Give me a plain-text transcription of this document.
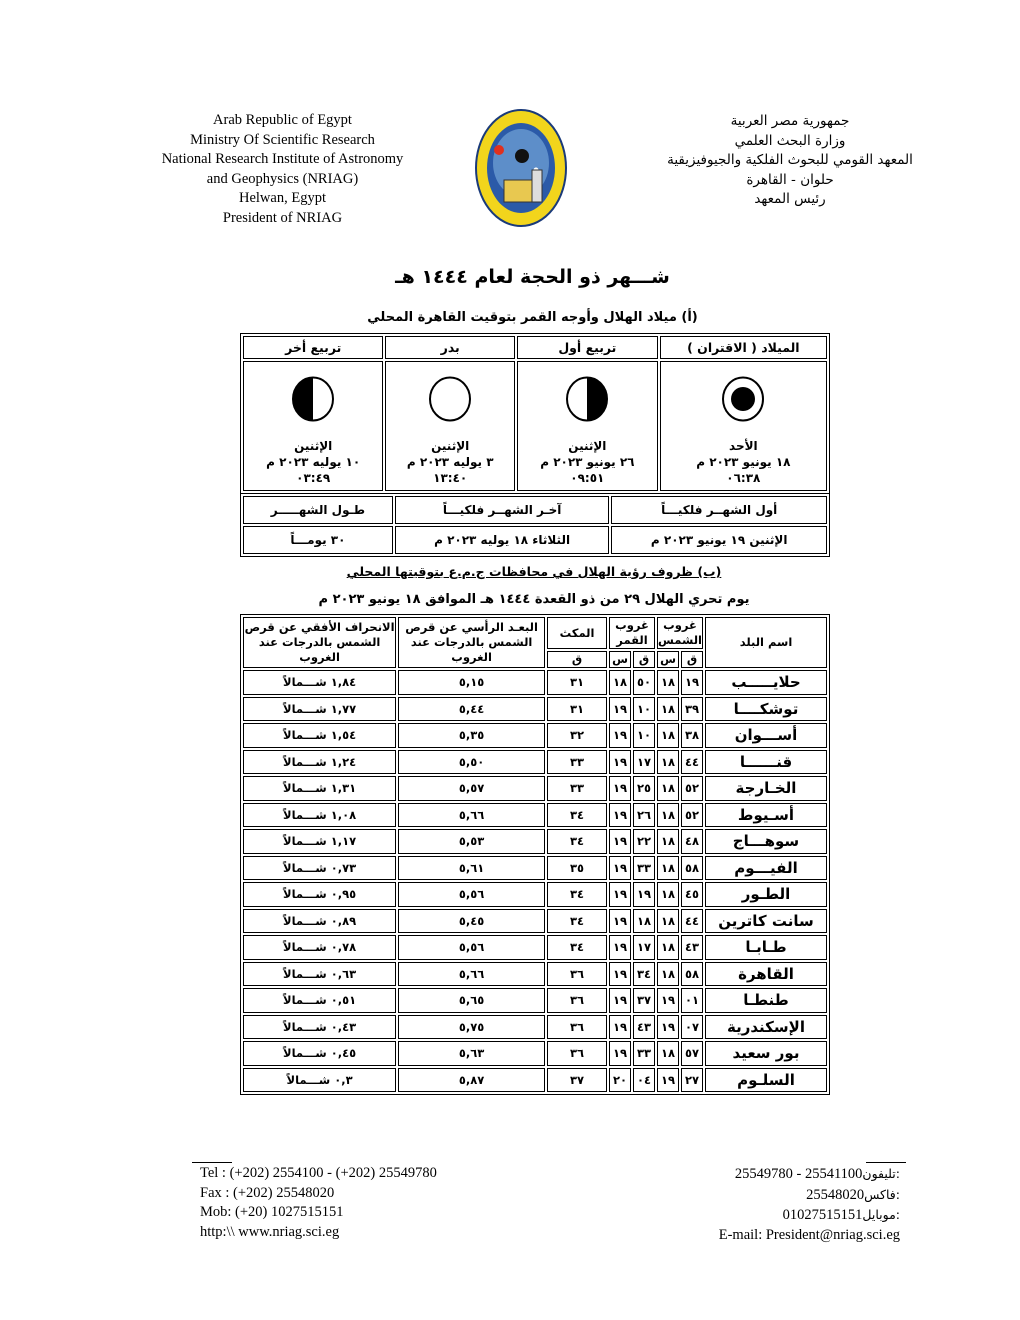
Arab Republic of Egypt
Ministry Of Scientific Research
National Research Institute of Astronomy
and Geophysics (NRIAG)
Helwan, Egypt
President of NRIAG
جمهورية مصر العربية
وزارة البحث العلمي
المعهد القومي للبحوث الفلكية والجيوفيزيقية
حلوان - القاهرة
رئيس المعهد
شـــهر ذو الحجة لعام ١٤٤٤ هـ
(أ) ميلاد الهلال وأوجه القمر بتوقيت القاهرة المحلي
الميلاد ( الاقتران )	تربيع أول	بدر	تربيع أخر

الأحد
١٨ يونيو ٢٠٢٣ م
٠٦:٣٨

الإثنين
٢٦ يونيو ٢٠٢٣ م
٠٩:٥١

الإثنين
٣ يوليه ٢٠٢٣ م
١٣:٤٠

الإثنين
١٠ يوليه ٢٠٢٣ م
٠٣:٤٩
أول الشهــر فلكيـــاً	آخـر الشهــر فلكيـــاً	طـول الشهـــــر
الإثنين ١٩ يونيو ٢٠٢٣ م	الثلاثاء ١٨ يوليه ٢٠٢٣ م	٣٠ يومـــاً
(ب) ظروف رؤية الهلال في محافظات ج.م.ع بتوقيتها المحلي
يوم تحري الهلال ٢٩ من ذو القعدة ١٤٤٤ هـ الموافق ١٨ يونيو ٢٠٢٣ م
اسم البلد	غروب الشمس		غروب القمر		المكث	البعـد الرأسي عن قرص الشمس بالدرجات عند الغروب	الانحراف الأفقي عن قرص الشمس بالدرجات عند الغروب
	ق	س	ق	س	ق		
حلايـــــب	١٩	١٨	٥٠	١٨	٣١	٥,١٥	١,٨٤ شـــمالاً
توشكــــا	٣٩	١٨	١٠	١٩	٣١	٥,٤٤	١,٧٧ شـــمالاً
أســـوان	٣٨	١٨	١٠	١٩	٣٢	٥,٣٥	١,٥٤ شـــمالاً
قنــــــا	٤٤	١٨	١٧	١٩	٣٣	٥,٥٠	١,٢٤ شـــمالاً
الخـارجة	٥٢	١٨	٢٥	١٩	٣٣	٥,٥٧	١,٣١ شـــمالاً
أسـيوط	٥٢	١٨	٢٦	١٩	٣٤	٥,٦٦	١,٠٨ شـــمالاً
سوهـــاج	٤٨	١٨	٢٢	١٩	٣٤	٥,٥٣	١,١٧ شـــمالاً
الفيـــوم	٥٨	١٨	٣٣	١٩	٣٥	٥,٦١	٠,٧٣ شـــمالاً
الطـور	٤٥	١٨	١٩	١٩	٣٤	٥,٥٦	٠,٩٥ شـــمالاً
سانت كاترين	٤٤	١٨	١٨	١٩	٣٤	٥,٤٥	٠,٨٩ شـــمالاً
طـابـا	٤٣	١٨	١٧	١٩	٣٤	٥,٥٦	٠,٧٨ شـــمالاً
القاهرة	٥٨	١٨	٣٤	١٩	٣٦	٥,٦٦	٠,٦٣ شـــمالاً
طنطـا	٠١	١٩	٣٧	١٩	٣٦	٥,٦٥	٠,٥١ شـــمالاً
الإسكندرية	٠٧	١٩	٤٣	١٩	٣٦	٥,٧٥	٠,٤٣ شـــمالاً
بور سعيد	٥٧	١٨	٣٣	١٩	٣٦	٥,٦٣	٠,٤٥ شـــمالاً
السلـوم	٢٧	١٩	٠٤	٢٠	٣٧	٥,٨٧	٠,٣ شـــمالاً
Tel : (+202) 2554100 - (+202) 25549780
Fax : (+202) 25548020
Mob: (+20) 1027515151
http:\\ www.nriag.sci.eg
25549780 - 25541100تليفون:
25548020فاكس:
01027515151موبايل:
E-mail: President@nriag.sci.eg
